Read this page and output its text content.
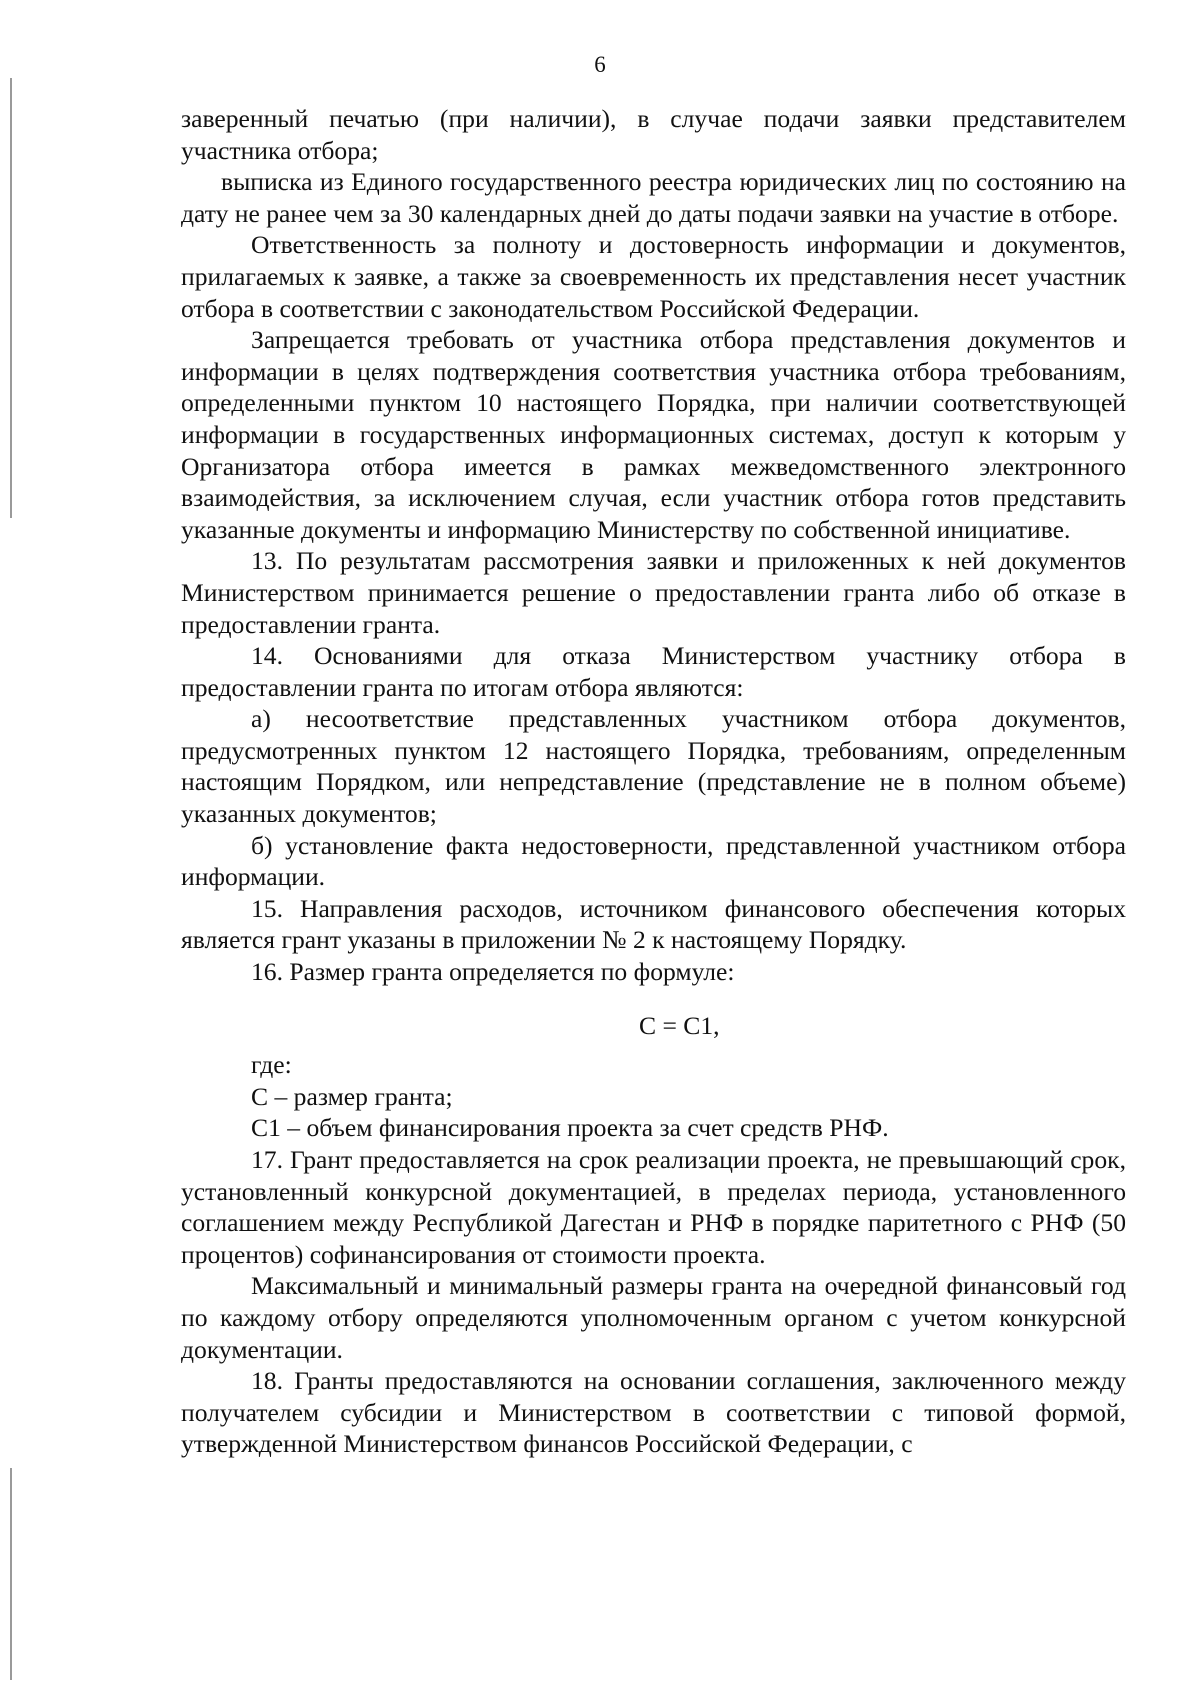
6

заверенный печатью (при наличии), в случае подачи заявки представителем участника отбора;

выписка из Единого государственного реестра юридических лиц по состоянию на дату не ранее чем за 30 календарных дней до даты подачи заявки на участие в отборе.

Ответственность за полноту и достоверность информации и документов, прилагаемых к заявке, а также за своевременность их представления несет участник отбора в соответствии с законодательством Российской Федерации.

Запрещается требовать от участника отбора представления документов и информации в целях подтверждения соответствия участника отбора требованиям, определенными пунктом 10 настоящего Порядка, при наличии соответствующей информации в государственных информационных системах, доступ к которым у Организатора отбора имеется в рамках межведомственного электронного взаимодействия, за исключением случая, если участник отбора готов представить указанные документы и информацию Министерству по собственной инициативе.

13. По результатам рассмотрения заявки и приложенных к ней документов Министерством принимается решение о предоставлении гранта либо об отказе в предоставлении гранта.

14. Основаниями для отказа Министерством участнику отбора в предоставлении гранта по итогам отбора являются:

а) несоответствие представленных участником отбора документов, предусмотренных пунктом 12 настоящего Порядка, требованиям, определенным настоящим Порядком, или непредставление (представление не в полном объеме) указанных документов;

б) установление факта недостоверности, представленной участником отбора информации.

15. Направления расходов, источником финансового обеспечения которых является грант указаны в приложении № 2 к настоящему Порядку.

16. Размер гранта определяется по формуле:

С = С1,

где:

С – размер гранта;

С1 – объем финансирования проекта за счет средств РНФ.

17. Грант предоставляется на срок реализации проекта, не превышающий срок, установленный конкурсной документацией, в пределах периода, установленного соглашением между Республикой Дагестан и РНФ в порядке паритетного с РНФ (50 процентов) софинансирования от стоимости проекта.

Максимальный и минимальный размеры гранта на очередной финансовый год по каждому отбору определяются уполномоченным органом с учетом конкурсной документации.

18. Гранты предоставляются на основании соглашения, заключенного между получателем субсидии и Министерством в соответствии с типовой формой, утвержденной Министерством финансов Российской Федерации, с
